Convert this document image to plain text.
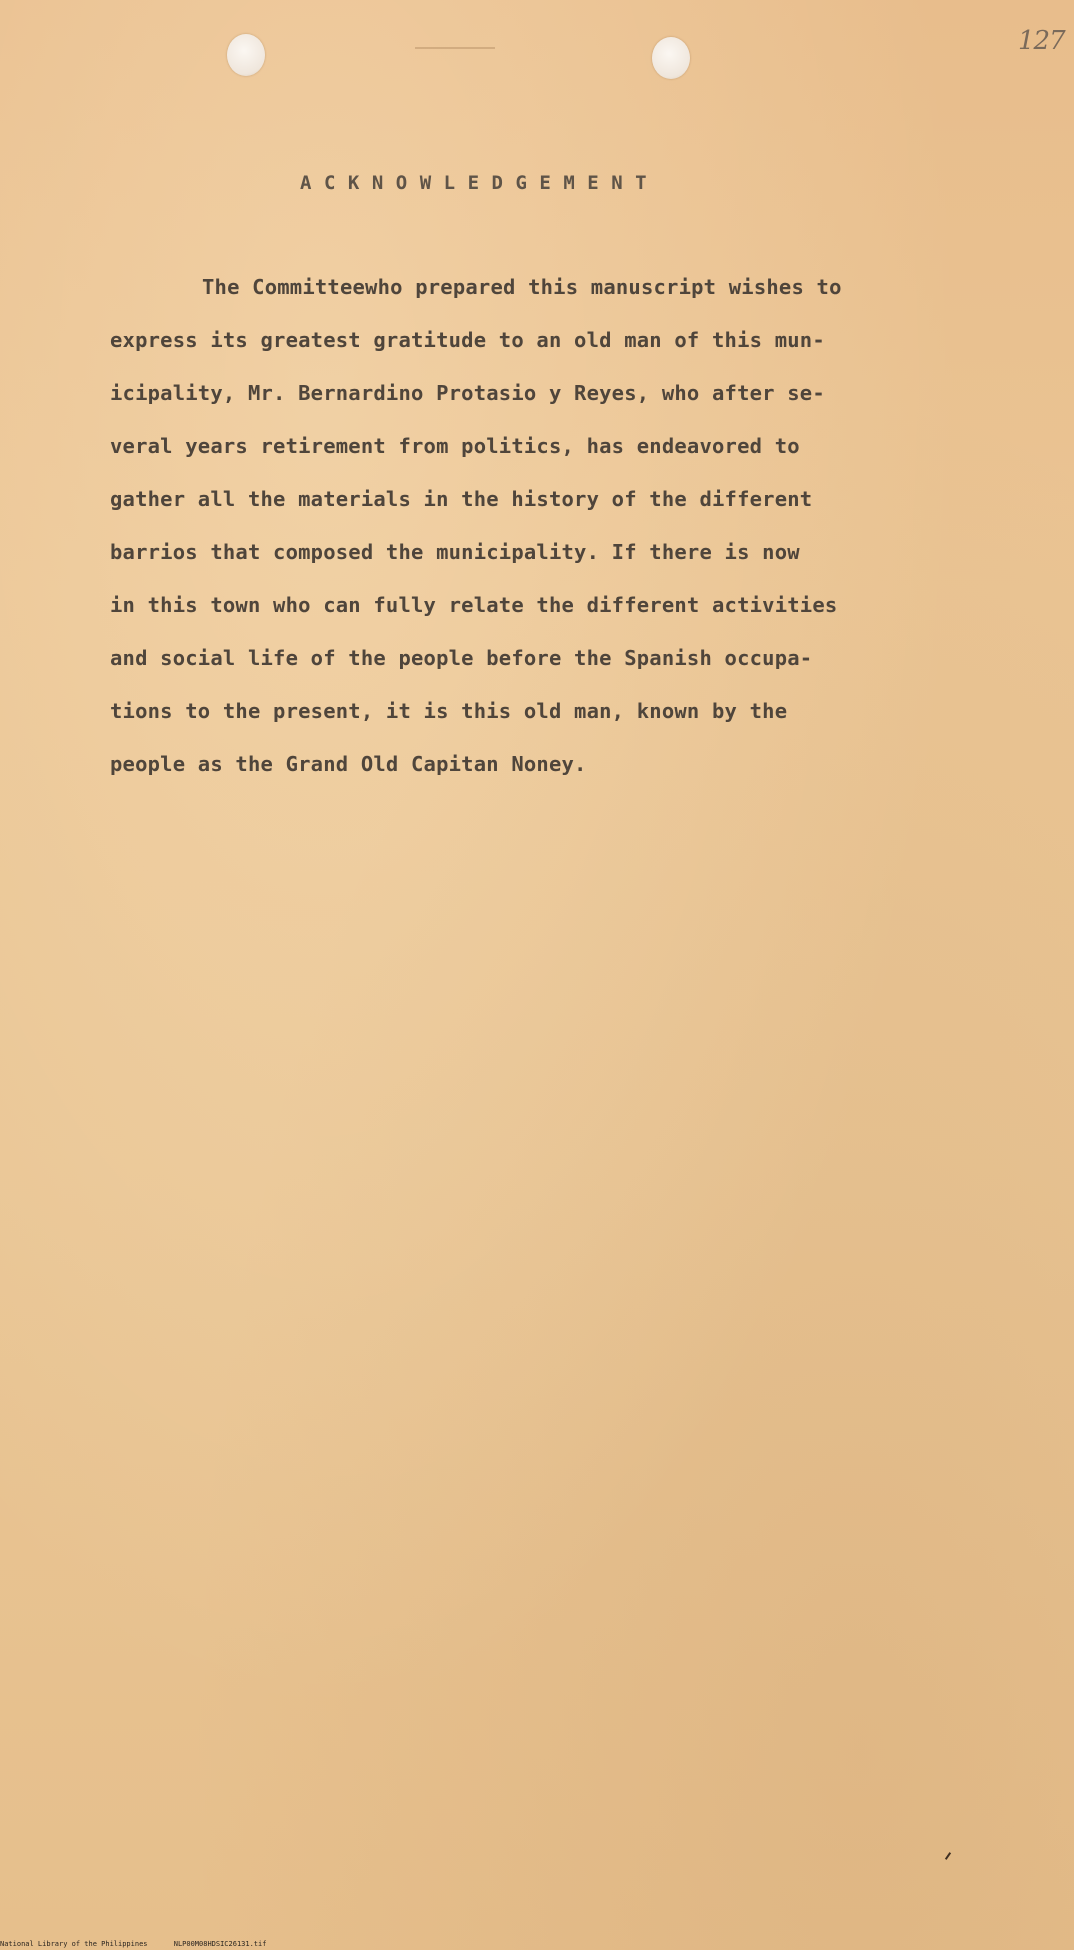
127
ACKNOWLEDGEMENT
The Committeewho prepared this manuscript wishes to
express its greatest gratitude to an old man of this mun-
icipality, Mr. Bernardino Protasio y Reyes, who after se-
veral years retirement from politics, has endeavored to
gather all the materials in the history of the different
barrios that composed the municipality. If there is now
in this town who can fully relate the different activities
and social life of the people before the Spanish occupa-
tions to the present, it is this old man, known by the
people as the Grand Old Capitan Noney.
National Library of the Philippines	NLP00M08HDSIC26131.tif
